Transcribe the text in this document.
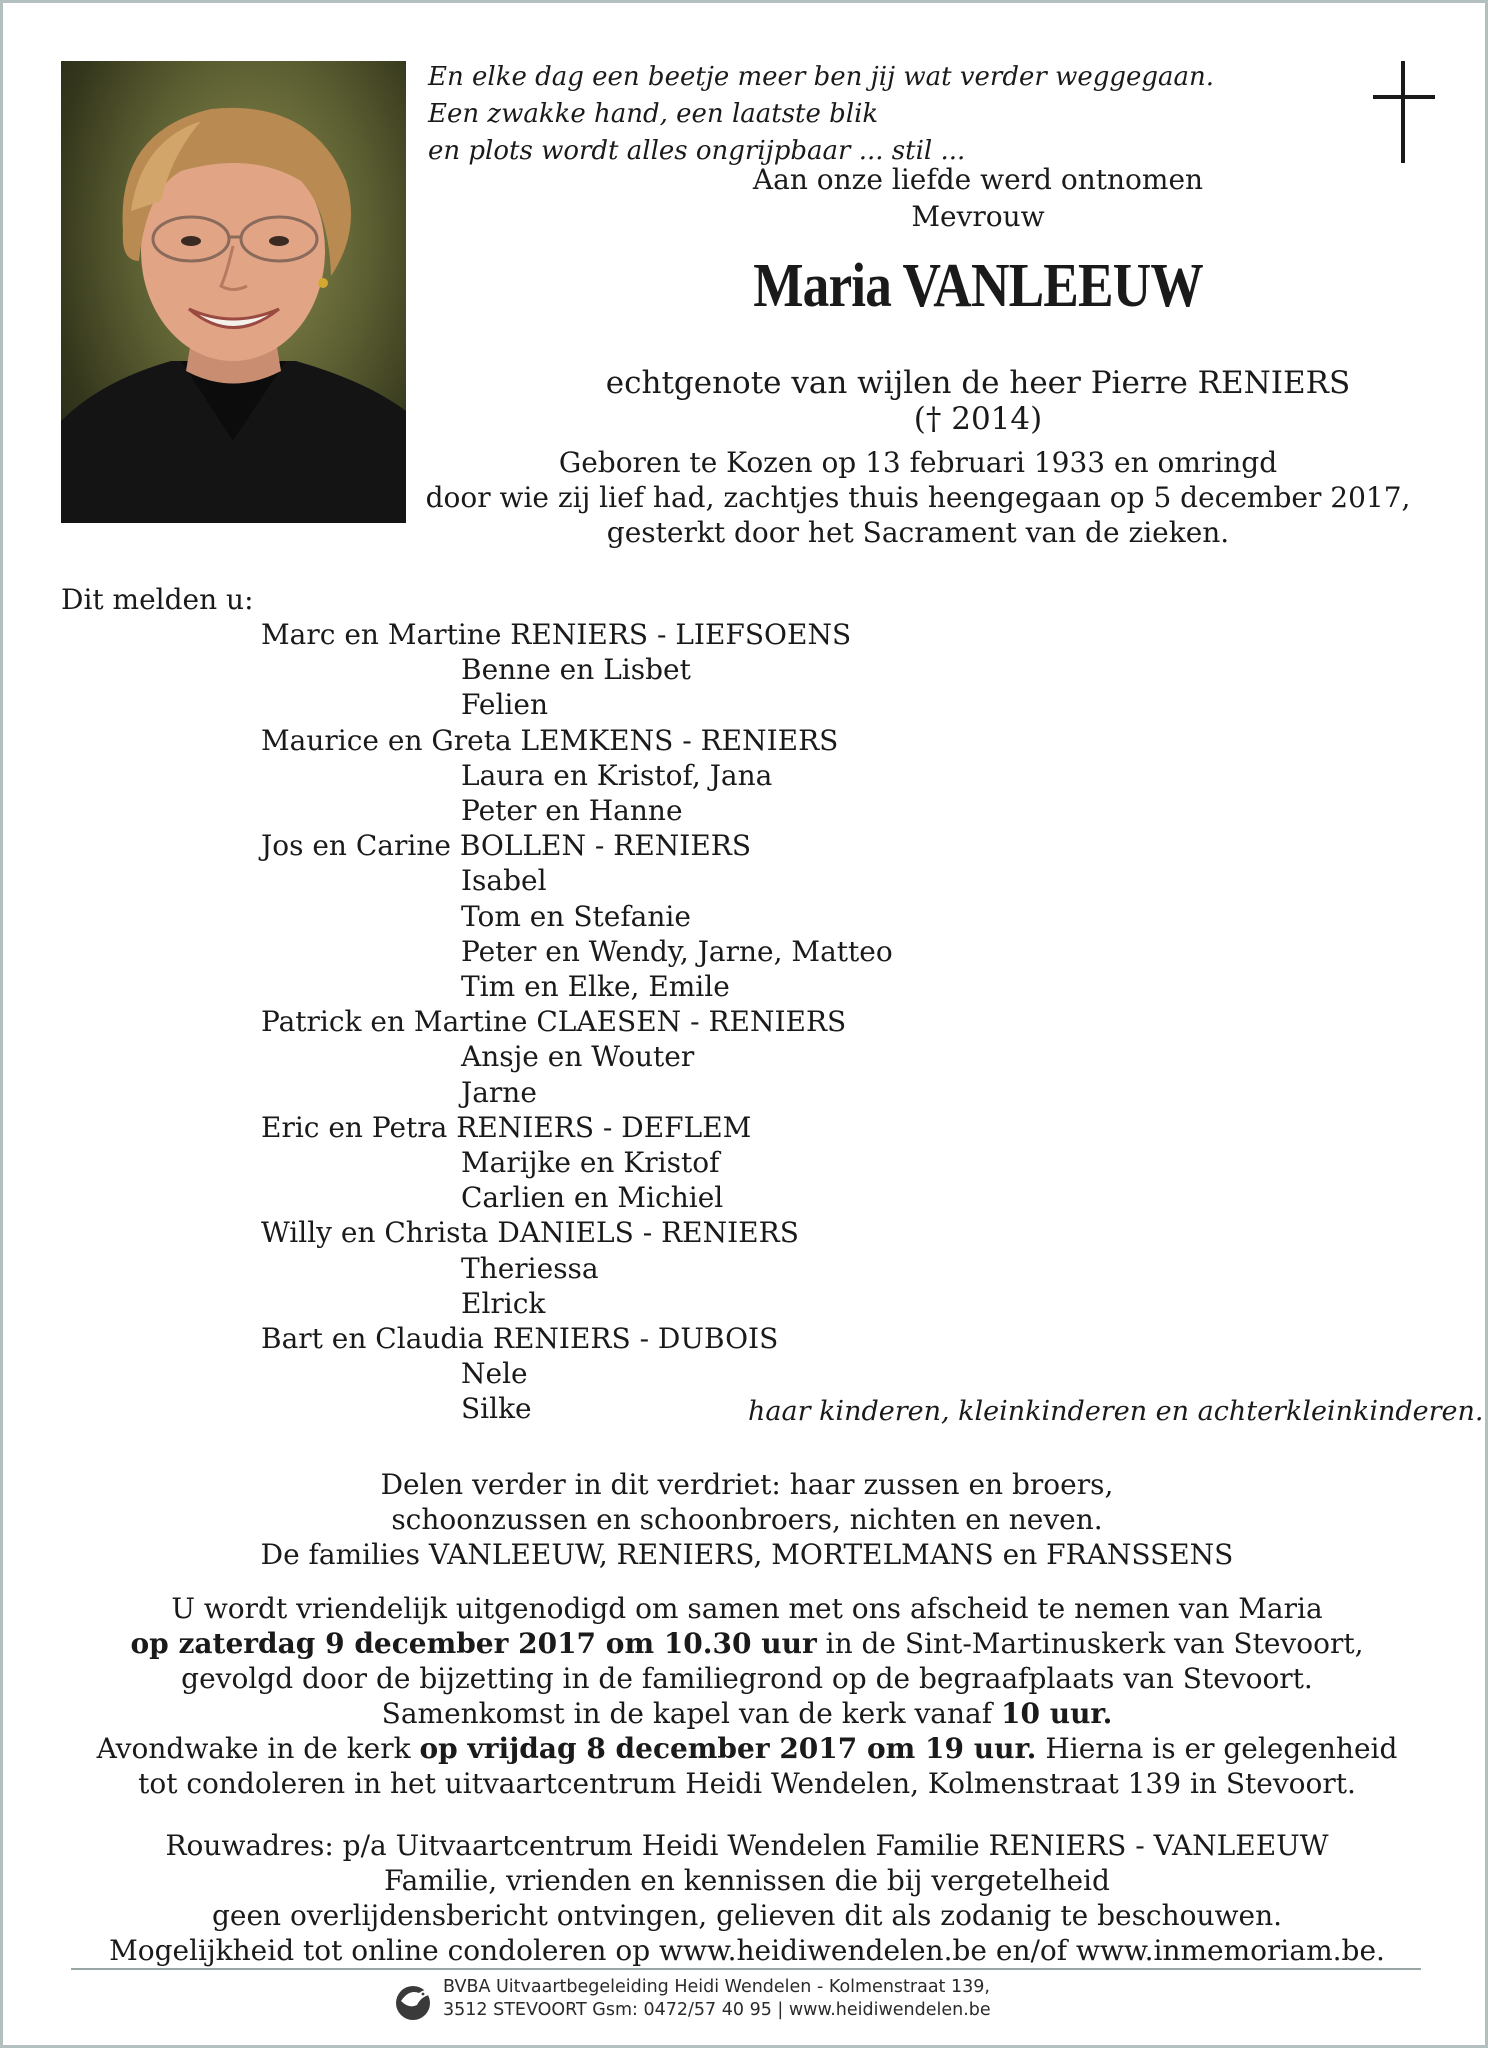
En elke dag een beetje meer ben jij wat verder weggegaan.
Een zwakke hand, een laatste blik
en plots wordt alles ongrijpbaar ... stil ...
Aan onze liefde werd ontnomen
Mevrouw
Maria VANLEEUW
echtgenote van wijlen de heer Pierre RENIERS († 2014)
Geboren te Kozen op 13 februari 1933 en omringd
door wie zij lief had, zachtjes thuis heengegaan op 5 december 2017,
gesterkt door het Sacrament van de zieken.
Dit melden u:
Marc en Martine RENIERS - LIEFSOENS
Benne en Lisbet
Felien
Maurice en Greta LEMKENS - RENIERS
Laura en Kristof, Jana
Peter en Hanne
Jos en Carine BOLLEN - RENIERS
Isabel
Tom en Stefanie
Peter en Wendy, Jarne, Matteo
Tim en Elke, Emile
Patrick en Martine CLAESEN - RENIERS
Ansje en Wouter
Jarne
Eric en Petra RENIERS - DEFLEM
Marijke en Kristof
Carlien en Michiel
Willy en Christa DANIELS - RENIERS
Theriessa
Elrick
Bart en Claudia RENIERS - DUBOIS
Nele
Silke	haar kinderen, kleinkinderen en achterkleinkinderen.
Delen verder in dit verdriet: haar zussen en broers,
schoonzussen en schoonbroers, nichten en neven.
De families VANLEEUW, RENIERS, MORTELMANS en FRANSSENS
U wordt vriendelijk uitgenodigd om samen met ons afscheid te nemen van Maria
op zaterdag 9 december 2017 om 10.30 uur in de Sint-Martinuskerk van Stevoort,
gevolgd door de bijzetting in de familiegrond op de begraafplaats van Stevoort.
Samenkomst in de kapel van de kerk vanaf 10 uur.
Avondwake in de kerk op vrijdag 8 december 2017 om 19 uur. Hierna is er gelegenheid
tot condoleren in het uitvaartcentrum Heidi Wendelen, Kolmenstraat 139 in Stevoort.
Rouwadres: p/a Uitvaartcentrum Heidi Wendelen Familie RENIERS - VANLEEUW
Familie, vrienden en kennissen die bij vergetelheid
geen overlijdensbericht ontvingen, gelieven dit als zodanig te beschouwen.
Mogelijkheid tot online condoleren op www.heidiwendelen.be en/of www.inmemoriam.be.
BVBA Uitvaartbegeleiding Heidi Wendelen - Kolmenstraat 139,
3512 STEVOORT Gsm: 0472/57 40 95 | www.heidiwendelen.be
